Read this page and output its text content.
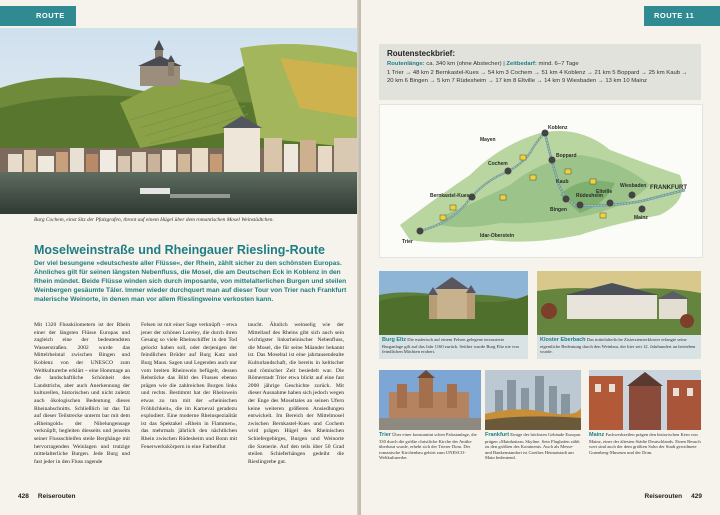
ROUTE
Burg Cochem, einst Sitz der Pfalzgrafen, thront auf einem Hügel über dem romantischen Mosel Weinstädtchen.
Moselweinstraße und Rheingauer Riesling-Route
Der viel besungene »deutscheste aller Flüsse«, der Rhein, zählt sicher zu den schönsten Europas. Ähnliches gilt für seinen längsten Nebenfluss, die Mosel, die am Deutschen Eck in Koblenz in den Rhein mündet. Beide Flüsse winden sich durch imposante, von mittelalterlichen Burgen und steilen Weinbergen gesäumte Täler. Immer wieder durchquert man auf dieser Tour von Trier nach Frankfurt malerische Weinorte, in denen man vor allem Rieslingweine verkosten kann.
Mit 1320 Flusskilometern ist der Rhein einer der längsten Flüsse Europas und zugleich eine der bedeutendsten Wasserstraßen. 2002 wurde das Mittelrheintal zwischen Bingen und Koblenz von der UNESCO zum Weltkulturerbe erklärt – eine Hommage an die landschaftliche Schönheit des Landstrichs, aber auch Anerkennung der kulturellen, historischen und nicht zuletzt auch ökologischen Bedeutung dieses Rheinabschnitts. Schließlich ist das Tal auf dieser Teilstrecke unterm bar mit dem »Rheingold« der Nibelungensage verknüpft, begleiten diesseits und jenseits seiner Flussschleifen steile Berghänge mit hervorragenden Weinlagen und trutzige mittelalterliche Burgen. Jede Burg und fast jeder in den Fluss ragende
Felsen ist mit einer Sage verknüpft – etwa jener der schönen Loreley, die durch ihren Gesang so viele Rheinschiffer in den Tod gelockt haben soll, oder derjenigen der feindlichen Brüder auf Burg Katz und Burg Maus. Sagen und Legenden auch nur vom breiten Rheinwein befügelt, dessen Rebstöcke das Bild des Flusses ebenso prägen wie die zahlreichen Burgen links und rechts. Bestimmt hat der Rheinwein etwas zu tun mit der »rheinischen Fröhlichkeit«, die im Karneval geradezu explodiert. Eine moderne Rheinspezialität ist das Spektakel »Rhein in Flammen«, das mehrmals jährlich den nächtlichen Rhein zwischen Rüdesheim und Bonn mit Feuerwerkskörpern in eine Farbenflut
taucht. Ähnlich weinselig wie der Mittellauf des Rheins gibt sich auch sein wichtigster linksrheinischer Nebenfluss, die Mosel, die für seine Mäander bekannt ist. Das Moseltal ist eine jahrtausendealte Kulturlandschaft, die bereits in keltischer und römischer Zeit besiedelt war. Die Römerstadt Trier etwa blickt auf eine fast 2000 jährige Geschichte zurück. Mit dieser Ausnahme haben sich jedoch wegen der Enge des Moseltales an seinen Ufern keine weiteren größeren Ansiedlungen entwickelt. Im Bereich der Mittelmosel zwischen Bernkastel-Kues und Cochem wird prägen Hügel des Rheinischen Schiefergebirges, Burgen und Weinorte die Szenerie. Auf den teils über 50 Grad steilen Schieferhängen gedeiht die Rieslingrebe gut.
428 Reiserouten
ROUTE 11
Routensteckbrief:
Routenlänge: ca. 340 km (ohne Abstecher) | Zeitbedarf: mind. 6–7 Tage
1 Trier → 48 km 2 Bernkastel-Kues → 54 km 3 Cochem → 51 km 4 Koblenz → 21 km 5 Boppard → 25 km Kaub → 20 km 6 Bingen → 5 km 7 Rüdesheim → 17 km 8 Eltville → 14 km 9 Wiesbaden → 13 km 10 Mainz
Koblenz
Mayen
Cochem
Boppard
Kaub
Bingen
Rüdesheim
Eltville
Wiesbaden
Mainz
FRANKFURT
Bernkastel-Kues
Trier
Idar-Oberstein
Burg Eltz Die malerisch auf einem Felsen gelegene terrassierte Burganlage gilt auf das Jahr 1160 zurück. Seither wurde Burg Eltz nie von feindlichen Mächten erobert.
Kloster Eberbach Das mittelalterliche Zisterzienserkloster erlangte seine eigentliche Bedeutung durch den Weinbau, der hier seit 12. Jahrhundert an betrieben wurde.
Trier Über einer konstantini schen Palastanlage, die 330 durch die größte christliche Kirche der Antike überbaut wurde, erhebt sich der Trierer Dom. Der romanische Kirchenbau gehört zum UNESCO-Weltkulturerbe.
Frankfurt Einige der höchsten Gebäude Europas prägen »Mainhattan« Skyline. Sein Flughafen zählt zu den größten des Kontinents. Auch als Messe- und Bankenstandort ist Goethes Heimatstadt am Main bedeutend.
Mainz Fachwerkzeilen prägen den historischen Kern von Mainz, einer der ältesten Städte Deutschlands. Einen Besuch wert sind auch der dem größten Sohn der Stadt gewidmete Gutenberg-Museum und der Dom.
Reiserouten 429
